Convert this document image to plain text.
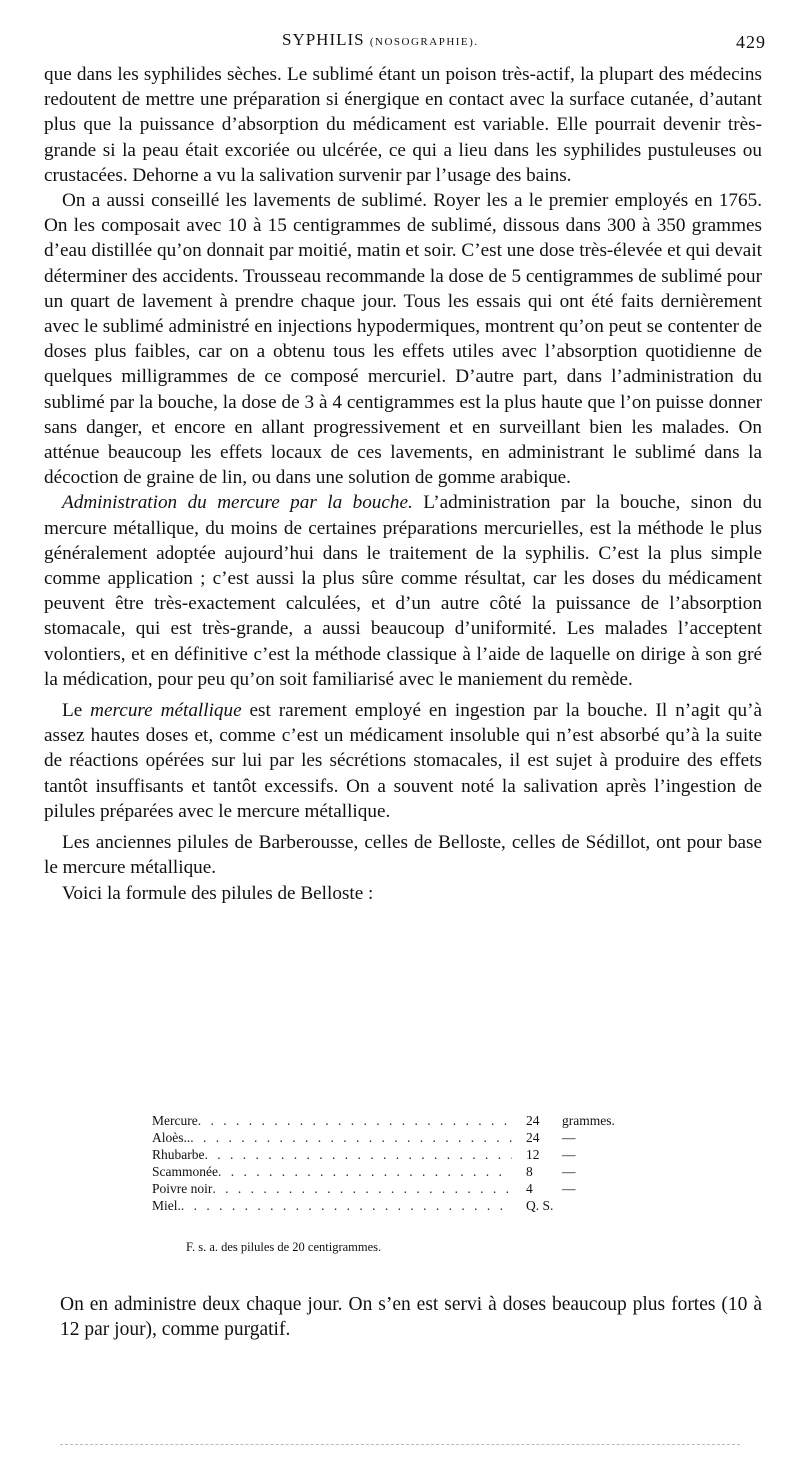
SYPHILIS (NOSOGRAPHIE).	429

que dans les syphilides sèches. Le sublimé étant un poison très-actif, la plupart des médecins redoutent de mettre une préparation si énergique en contact avec la surface cutanée, d’autant plus que la puissance d’absorption du médicament est variable. Elle pourrait devenir très-grande si la peau était excoriée ou ulcérée, ce qui a lieu dans les syphilides pustuleuses ou crustacées. Dehorne a vu la salivation survenir par l’usage des bains.

On a aussi conseillé les lavements de sublimé. Royer les a le premier employés en 1765. On les composait avec 10 à 15 centigrammes de sublimé, dissous dans 300 à 350 grammes d’eau distillée qu’on donnait par moitié, matin et soir. C’est une dose très-élevée et qui devait déterminer des accidents. Trousseau recommande la dose de 5 centigrammes de sublimé pour un quart de lavement à prendre chaque jour. Tous les essais qui ont été faits dernièrement avec le sublimé administré en injections hypodermiques, montrent qu’on peut se contenter de doses plus faibles, car on a obtenu tous les effets utiles avec l’absorption quotidienne de quelques milligrammes de ce composé mercuriel. D’autre part, dans l’administration du sublimé par la bouche, la dose de 3 à 4 centigrammes est la plus haute que l’on puisse donner sans danger, et encore en allant progressivement et en surveillant bien les malades. On atténue beaucoup les effets locaux de ces lavements, en administrant le sublimé dans la décoction de graine de lin, ou dans une solution de gomme arabique.

Administration du mercure par la bouche. L’administration par la bouche, sinon du mercure métallique, du moins de certaines préparations mercurielles, est la méthode le plus généralement adoptée aujourd’hui dans le traitement de la syphilis. C’est la plus simple comme application ; c’est aussi la plus sûre comme résultat, car les doses du médicament peuvent être très-exactement calculées, et d’un autre côté la puissance de l’absorption stomacale, qui est très-grande, a aussi beaucoup d’uniformité. Les malades l’acceptent volontiers, et en définitive c’est la méthode classique à l’aide de laquelle on dirige à son gré la médication, pour peu qu’on soit familiarisé avec le maniement du remède.

Le mercure métallique est rarement employé en ingestion par la bouche. Il n’agit qu’à assez hautes doses et, comme c’est un médicament insoluble qui n’est absorbé qu’à la suite de réactions opérées sur lui par les sécrétions stomacales, il est sujet à produire des effets tantôt insuffisants et tantôt excessifs. On a souvent noté la salivation après l’ingestion de pilules préparées avec le mercure métallique.

Les anciennes pilules de Barberousse, celles de Belloste, celles de Sédillot, ont pour base le mercure métallique.

Voici la formule des pilules de Belloste :

Mercure . . .	24	grammes.
Aloès.. . . .	24	—
Rhubarbe . . .	12	—
Scammonée . . .	8	—
Poivre noir . . .	4	—
Miel. . . .	Q. S.
F. s. a. des pilules de 20 centigrammes.

On en administre deux chaque jour. On s’en est servi à doses beaucoup plus fortes (10 à 12 par jour), comme purgatif.
